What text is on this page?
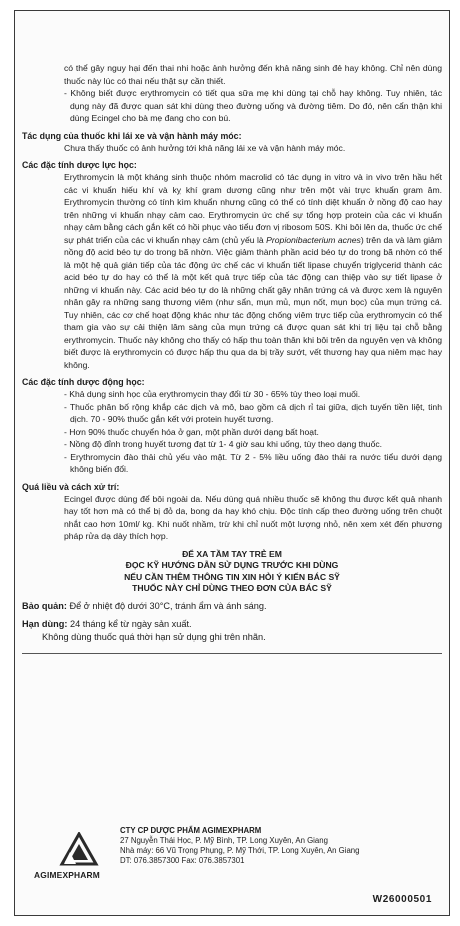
có thể gây nguy hại đến thai nhi hoặc ảnh hưởng đến khả năng sinh đẻ hay không. Chỉ nên dùng thuốc này lúc có thai nếu thật sự cần thiết.

- Không biết được erythromycin có tiết qua sữa mẹ khi dùng tại chỗ hay không. Tuy nhiên, tác dụng này đã được quan sát khi dùng theo đường uống và đường tiêm. Do đó, nên cẩn thận khi dùng Ecingel cho bà mẹ đang cho con bú.

Tác dụng của thuốc khi lái xe và vận hành máy móc:

Chưa thấy thuốc có ảnh hưởng tới khả năng lái xe và vận hành máy móc.

Các đặc tính dược lực học:

Erythromycin là một kháng sinh thuộc nhóm macrolid có tác dụng in vitro và in vivo trên hầu hết các vi khuẩn hiếu khí và kỵ khí gram dương cũng như trên một vài trực khuẩn gram âm. Erythromycin thường có tính kìm khuẩn nhưng cũng có thể có tính diệt khuẩn ở nồng độ cao hay trên những vi khuẩn nhạy cảm cao. Erythromycin ức chế sự tổng hợp protein của các vi khuẩn nhạy cảm bằng cách gắn kết có hồi phục vào tiểu đơn vị ribosom 50S. Khi bôi lên da, thuốc ức chế sự phát triển của các vi khuẩn nhạy cảm (chủ yếu là Propionibacterium acnes) trên da và làm giảm nồng độ acid béo tự do trong bã nhờn. Việc giảm thành phần acid béo tự do trong bã nhờn có thể là một hệ quả gián tiếp của tác động ức chế các vi khuẩn tiết lipase chuyển triglycerid thành các acid béo tự do hay có thể là một kết quả trực tiếp của tác động can thiệp vào sự tiết lipase ở những vi khuẩn này. Các acid béo tự do là những chất gây nhân trứng cá và được xem là nguyên nhân gây ra những sang thương viêm (như sẩn, mụn mủ, mụn nốt, mụn bọc) của mụn trứng cá. Tuy nhiên, các cơ chế hoạt động khác như tác động chống viêm trực tiếp của erythromycin có thể tham gia vào sự cải thiện lâm sàng của mụn trứng cá được quan sát khi trị liệu tại chỗ bằng erythromycin. Thuốc này không cho thấy có hấp thu toàn thân khi bôi trên da nguyên vẹn và không biết được là erythromycin có được hấp thu qua da bị trầy sướt, vết thương hay qua niêm mạc hay không.

Các đặc tính dược động học:

- Khả dụng sinh học của erythromycin thay đổi từ 30 - 65% tùy theo loại muối.

- Thuốc phân bố rộng khắp các dịch và mô, bao gồm cả dịch rỉ tai giữa, dịch tuyến tiền liệt, tinh dịch. 70 - 90% thuốc gắn kết với protein huyết tương.

- Hơn 90% thuốc chuyển hóa ở gan, một phần dưới dạng bất hoạt.

- Nồng độ đỉnh trong huyết tương đạt từ 1- 4 giờ sau khi uống, tùy theo dạng thuốc.

- Erythromycin đào thải chủ yếu vào mật. Từ 2 - 5% liều uống đào thải ra nước tiểu dưới dạng không biến đổi.

Quá liều và cách xử trí:

Ecingel được dùng để bôi ngoài da. Nếu dùng quá nhiều thuốc sẽ không thu được kết quả nhanh hay tốt hơn mà có thể bị đỏ da, bong da hay khó chịu. Độc tính cấp theo đường uống trên chuột nhắt cao hơn 10ml/ kg. Khi nuốt nhầm, trừ khi chỉ nuốt một lượng nhỏ, nên xem xét đến phương pháp rửa dạ dày thích hợp.

ĐỂ XA TẦM TAY TRẺ EM
ĐỌC KỸ HƯỚNG DẪN SỬ DỤNG TRƯỚC KHI DÙNG
NẾU CẦN THÊM THÔNG TIN XIN HỎI Ý KIẾN BÁC SỸ
THUỐC NÀY CHỈ DÙNG THEO ĐƠN CỦA BÁC SỸ

Bảo quản: Để ở nhiệt độ dưới 30°C, tránh ẩm và ánh sáng.

Hạn dùng: 24 tháng kể từ ngày sản xuất.

Không dùng thuốc quá thời hạn sử dụng ghi trên nhãn.

AGIMEXPHARM
CTY CP DƯỢC PHẨM AGIMEXPHARM
27 Nguyễn Thái Học, P. Mỹ Bình, TP. Long Xuyên, An Giang
Nhà máy: 66 Vũ Trọng Phụng, P. Mỹ Thới, TP. Long Xuyên, An Giang
DT: 076.3857300 Fax: 076.3857301
W26000501
